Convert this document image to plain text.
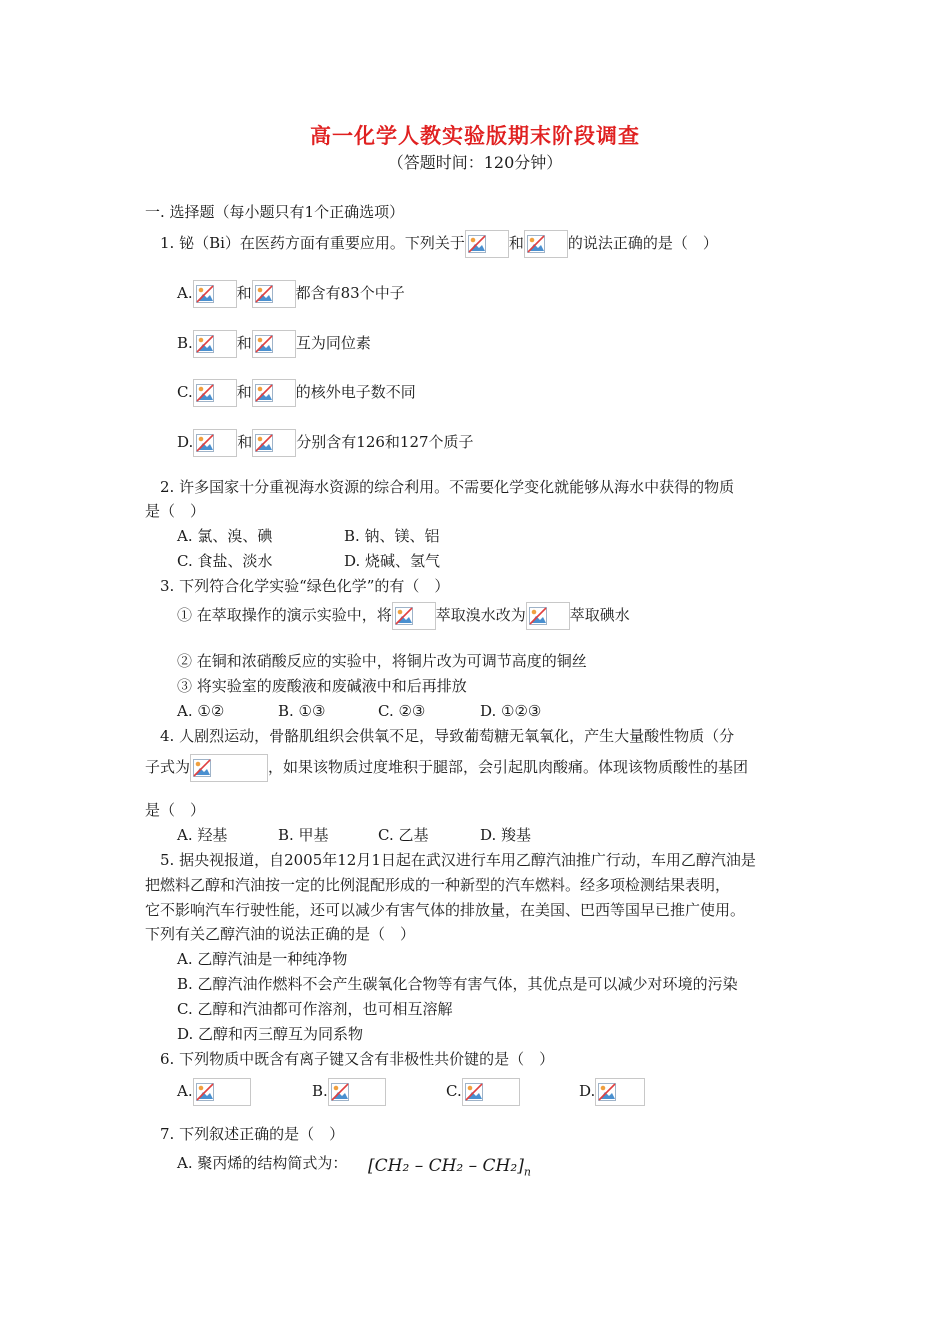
高一化学人教实验版期末阶段调查
（答题时间：120分钟）
一. 选择题（每小题只有1个正确选项）
1. 铋（Bi）在医药方面有重要应用。下列关于	和	的说法正确的是（　）
A.	和	都含有83个中子
B.	和	互为同位素
C.	和	的核外电子数不同
D.	和	分别含有126和127个质子
2. 许多国家十分重视海水资源的综合利用。不需要化学变化就能够从海水中获得的物质
是（　）
A. 氯、溴、碘	B. 钠、镁、铝
C. 食盐、淡水	D. 烧碱、氢气
3. 下列符合化学实验“绿色化学”的有（　）
① 在萃取操作的演示实验中，将	萃取溴水改为	萃取碘水
② 在铜和浓硝酸反应的实验中，将铜片改为可调节高度的铜丝
③ 将实验室的废酸液和废碱液中和后再排放
A. ①②	B. ①③	C. ②③	D. ①②③
4. 人剧烈运动，骨骼肌组织会供氧不足，导致葡萄糖无氧氧化，产生大量酸性物质（分
子式为	，如果该物质过度堆积于腿部，会引起肌肉酸痛。体现该物质酸性的基团
是（　）
A. 羟基	B. 甲基	C. 乙基	D. 羧基
5. 据央视报道，自2005年12月1日起在武汉进行车用乙醇汽油推广行动，车用乙醇汽油是
把燃料乙醇和汽油按一定的比例混配形成的一种新型的汽车燃料。经多项检测结果表明，
它不影响汽车行驶性能，还可以减少有害气体的排放量，在美国、巴西等国早已推广使用。
下列有关乙醇汽油的说法正确的是（　）
A. 乙醇汽油是一种纯净物
B. 乙醇汽油作燃料不会产生碳氧化合物等有害气体，其优点是可以减少对环境的污染
C. 乙醇和汽油都可作溶剂，也可相互溶解
D. 乙醇和丙三醇互为同系物
6. 下列物质中既含有离子键又含有非极性共价键的是（　）
A.	B.	C.	D.
7. 下列叙述正确的是（　）
A. 聚丙烯的结构简式为： $[CH_2 - CH_2 - CH_2]_n$
